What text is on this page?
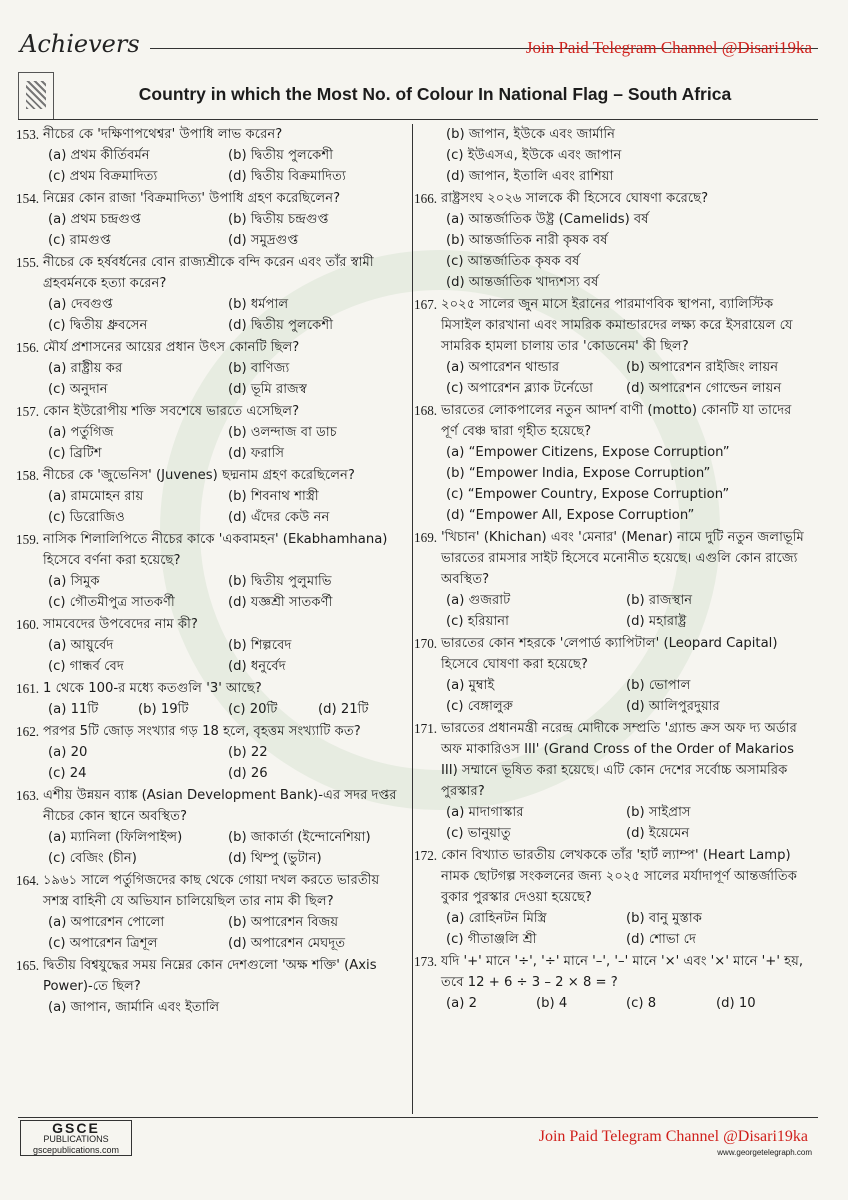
Achievers	Join Paid Telegram Channel @Disari19ka
Country in which the Most No. of Colour In National Flag – South Africa
153. নীচের কে 'দক্ষিণাপথেশ্বর' উপাধি লাভ করেন?
(a) প্রথম কীর্তিবর্মন	(b) দ্বিতীয় পুলকেশী
(c) প্রথম বিক্রমাদিত্য	(d) দ্বিতীয় বিক্রমাদিত্য
154. নিম্নের কোন রাজা 'বিক্রমাদিত্য' উপাধি গ্রহণ করেছিলেন?
(a) প্রথম চন্দ্রগুপ্ত	(b) দ্বিতীয় চন্দ্রগুপ্ত
(c) রামগুপ্ত	(d) সমুদ্রগুপ্ত
155. নীচের কে হর্ষবর্ধনের বোন রাজ্যশ্রীকে বন্দি করেন এবং তাঁর স্বামী গ্রহবর্মনকে হত্যা করেন?
(a) দেবগুপ্ত	(b) ধর্মপাল
(c) দ্বিতীয় ধ্রুবসেন	(d) দ্বিতীয় পুলকেশী
156. মৌর্য প্রশাসনের আয়ের প্রধান উৎস কোনটি ছিল?
(a) রাষ্ট্রীয় কর	(b) বাণিজ্য
(c) অনুদান	(d) ভূমি রাজস্ব
157. কোন ইউরোপীয় শক্তি সবশেষে ভারতে এসেছিল?
(a) পর্তুগিজ	(b) ওলন্দাজ বা ডাচ
(c) ব্রিটিশ	(d) ফরাসি
158. নীচের কে 'জুভেনিস' (Juvenes) ছদ্মনাম গ্রহণ করেছিলেন?
(a) রামমোহন রায়	(b) শিবনাথ শাস্ত্রী
(c) ডিরোজিও	(d) এঁদের কেউ নন
159. নাসিক শিলালিপিতে নীচের কাকে 'একবামহন' (Ekabhamhana) হিসেবে বর্ণনা করা হয়েছে?
(a) সিমুক	(b) দ্বিতীয় পুলুমাভি
(c) গৌতমীপুত্র সাতকর্ণী	(d) যজ্ঞশ্রী সাতকর্ণী
160. সামবেদের উপবেদের নাম কী?
(a) আয়ুর্বেদ	(b) শিল্পবেদ
(c) গান্ধর্ব বেদ	(d) ধনুর্বেদ
161. 1 থেকে 100-র মধ্যে কতগুলি '3' আছে?
(a) 11টি	(b) 19টি	(c) 20টি	(d) 21টি
162. পরপর 5টি জোড় সংখ্যার গড় 18 হলে, বৃহত্তম সংখ্যাটি কত?
(a) 20	(b) 22
(c) 24	(d) 26
163. এশীয় উন্নয়ন ব্যাঙ্ক (Asian Development Bank)-এর সদর দপ্তর নীচের কোন স্থানে অবস্থিত?
(a) ম্যানিলা (ফিলিপাইন্স)	(b) জাকার্তা (ইন্দোনেশিয়া)
(c) বেজিং (চীন)	(d) থিম্পু (ভুটান)
164. ১৯৬১ সালে পর্তুগিজদের কাছ থেকে গোয়া দখল করতে ভারতীয় সশস্ত্র বাহিনী যে অভিযান চালিয়েছিল তার নাম কী ছিল?
(a) অপারেশন পোলো	(b) অপারেশন বিজয়
(c) অপারেশন ত্রিশূল	(d) অপারেশন মেঘদূত
165. দ্বিতীয় বিশ্বযুদ্ধের সময় নিম্নের কোন দেশগুলো 'অক্ষ শক্তি' (Axis Power)-তে ছিল?
(a) জাপান, জার্মানি এবং ইতালি
(b) জাপান, ইউকে এবং জার্মানি
(c) ইউএসএ, ইউকে এবং জাপান
(d) জাপান, ইতালি এবং রাশিয়া
166. রাষ্ট্রসংঘ ২০২৬ সালকে কী হিসেবে ঘোষণা করেছে?
(a) আন্তর্জাতিক উষ্ট্র (Camelids) বর্ষ
(b) আন্তর্জাতিক নারী কৃষক বর্ষ
(c) আন্তর্জাতিক কৃষক বর্ষ
(d) আন্তর্জাতিক খাদ্যশস্য বর্ষ
167. ২০২৫ সালের জুন মাসে ইরানের পারমাণবিক স্থাপনা, ব্যালিস্টিক মিসাইল কারখানা এবং সামরিক কমান্ডারদের লক্ষ্য করে ইসরায়েল যে সামরিক হামলা চালায় তার 'কোডনেম' কী ছিল?
(a) অপারেশন থান্ডার	(b) অপারেশন রাইজিং লায়ন
(c) অপারেশন ব্ল্যাক টর্নেডো	(d) অপারেশন গোল্ডেন লায়ন
168. ভারতের লোকপালের নতুন আদর্শ বাণী (motto) কোনটি যা তাদের পূর্ণ বেঞ্চ দ্বারা গৃহীত হয়েছে?
(a) “Empower Citizens, Expose Corruption”
(b) “Empower India, Expose Corruption”
(c) “Empower Country, Expose Corruption”
(d) “Empower All, Expose Corruption”
169. 'খিচান' (Khichan) এবং 'মেনার' (Menar) নামে দুটি নতুন জলাভূমি ভারতের রামসার সাইট হিসেবে মনোনীত হয়েছে। এগুলি কোন রাজ্যে অবস্থিত?
(a) গুজরাট	(b) রাজস্থান
(c) হরিয়ানা	(d) মহারাষ্ট্র
170. ভারতের কোন শহরকে 'লেপার্ড ক্যাপিটাল' (Leopard Capital) হিসেবে ঘোষণা করা হয়েছে?
(a) মুম্বাই	(b) ভোপাল
(c) বেঙ্গালুরু	(d) আলিপুরদুয়ার
171. ভারতের প্রধানমন্ত্রী নরেন্দ্র মোদীকে সম্প্রতি 'গ্র্যান্ড ক্রস অফ দ্য অর্ডার অফ মাকারিওস III' (Grand Cross of the Order of Makarios III) সম্মানে ভূষিত করা হয়েছে। এটি কোন দেশের সর্বোচ্চ অসামরিক পুরস্কার?
(a) মাদাগাস্কার	(b) সাইপ্রাস
(c) ভানুয়াতু	(d) ইয়েমেন
172. কোন বিখ্যাত ভারতীয় লেখককে তাঁর 'হার্ট ল্যাম্প' (Heart Lamp) নামক ছোটগল্প সংকলনের জন্য ২০২৫ সালের মর্যাদাপূর্ণ আন্তর্জাতিক বুকার পুরস্কার দেওয়া হয়েছে?
(a) রোহিনটন মিস্ত্রি	(b) বানু মুস্তাক
(c) গীতাঞ্জলি শ্রী	(d) শোভা দে
173. যদি '+' মানে '÷', '÷' মানে '–', '–' মানে '×' এবং '×' মানে '+' হয়, তবে 12 + 6 ÷ 3 – 2 × 8 = ?
(a) 2	(b) 4	(c) 8	(d) 10
GSCE
PUBLICATIONS
gscepublications.com
Join Paid Telegram Channel @Disari19ka
www.georgetelegraph.com
